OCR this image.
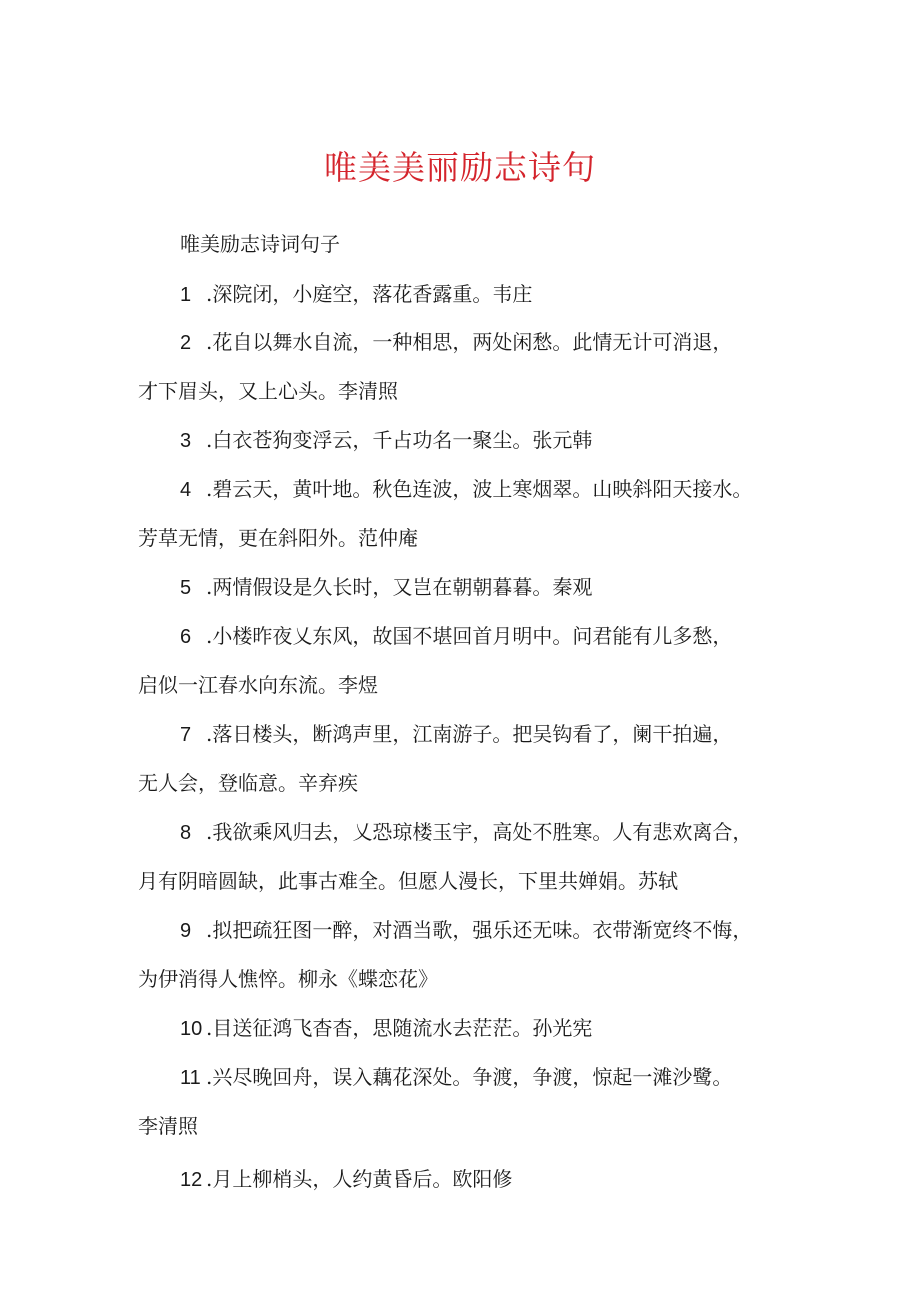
唯美美丽励志诗句
唯美励志诗词句子
1 .深院闭，小庭空，落花香露重。韦庄
2 .花自以舞水自流，一种相思，两处闲愁。此情无计可消退，
才下眉头，又上心头。李清照
3 .白衣苍狗变浮云，千占功名一聚尘。张元韩
4 .碧云天，黄叶地。秋色连波，波上寒烟翠。山映斜阳天接水。
芳草无情，更在斜阳外。范仲庵
5 .两情假设是久长时，又岂在朝朝暮暮。秦观
6 .小楼昨夜乂东风，故国不堪回首月明中。问君能有儿多愁，
启似一江春水向东流。李煜
7 .落日楼头，断鸿声里，江南游子。把吴钩看了，阑干拍遍，
无人会，登临意。辛弃疾
8 .我欲乘风归去，乂恐琼楼玉宇，高处不胜寒。人有悲欢离合，
月有阴暗圆缺，此事古难全。但愿人漫长，下里共婵娟。苏轼
9 .拟把疏狂图一醉，对酒当歌，强乐还无味。衣带渐宽终不悔，
为伊消得人憔悴。柳永《蝶恋花》
10 .目送征鸿飞杳杳，思随流水去茫茫。孙光宪
11 .兴尽晚回舟，误入藕花深处。争渡，争渡，惊起一滩沙鹭。
李清照
12 .月上柳梢头，人约黄昏后。欧阳修
